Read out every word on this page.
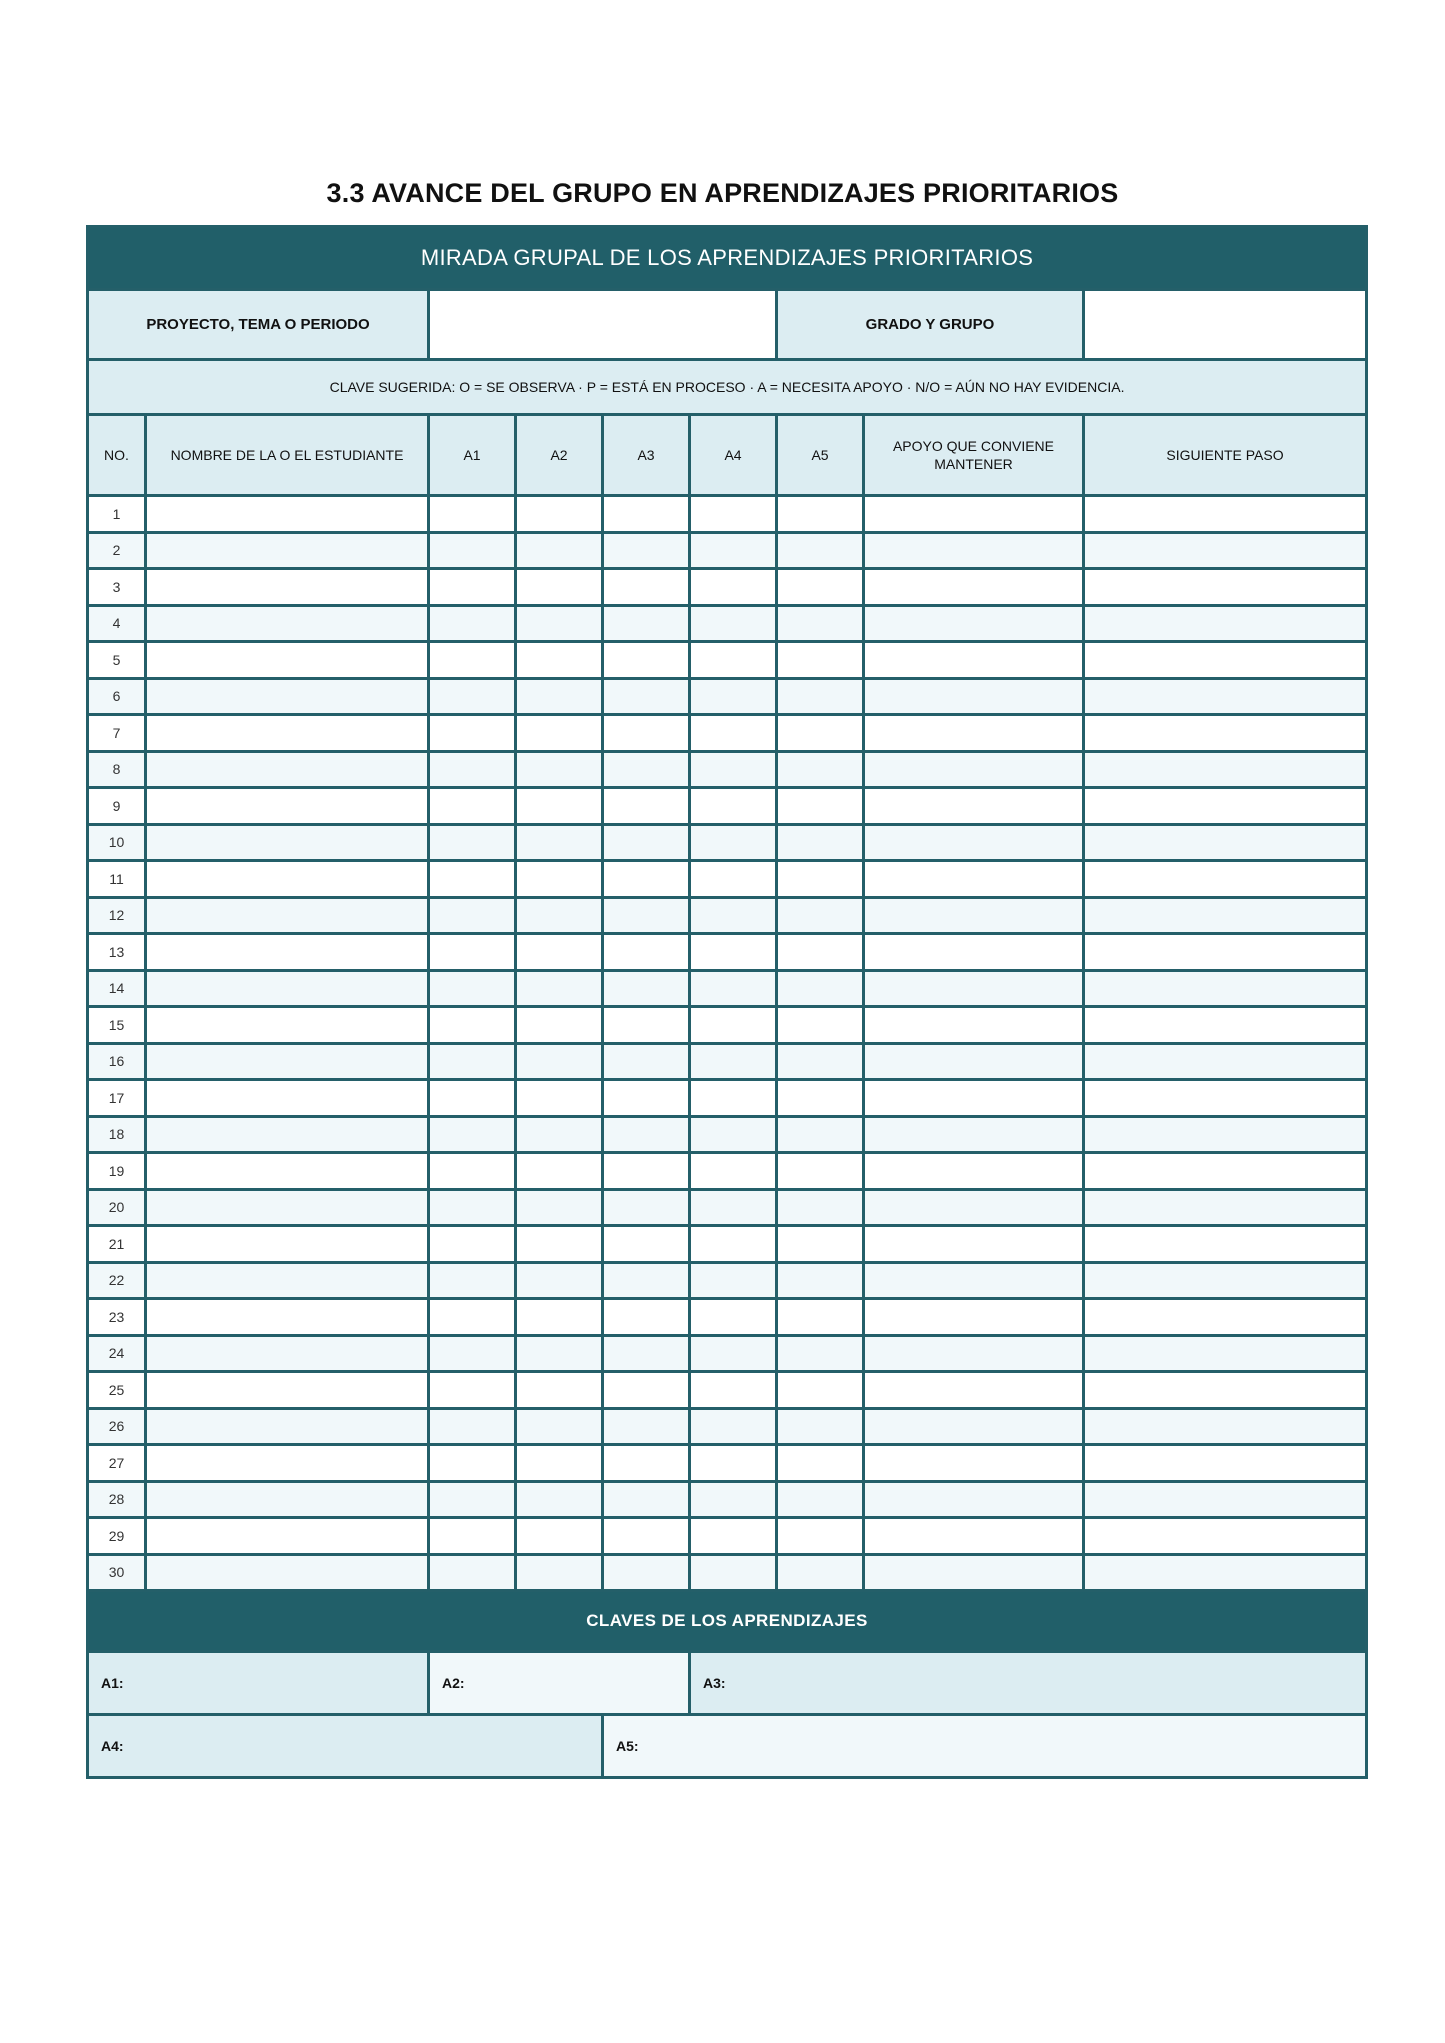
3.3 AVANCE DEL GRUPO EN APRENDIZAJES PRIORITARIOS
MIRADA GRUPAL DE LOS APRENDIZAJES PRIORITARIOS								
PROYECTO, TEMA O PERIODO						GRADO Y GRUPO		
CLAVE SUGERIDA: O = SE OBSERVA · P = ESTÁ EN PROCESO · A = NECESITA APOYO · N/O = AÚN NO HAY EVIDENCIA.								
NO.	NOMBRE DE LA O EL ESTUDIANTE	A1	A2	A3	A4	A5	APOYO QUE CONVIENE MANTENER	SIGUIENTE PASO
1								
2								
3								
4								
5								
6								
7								
8								
9								
10								
11								
12								
13								
14								
15								
16								
17								
18								
19								
20								
21								
22								
23								
24								
25								
26								
27								
28								
29								
30								
CLAVES DE LOS APRENDIZAJES			
A1:	A2:		A3:
A4:		A5:	
